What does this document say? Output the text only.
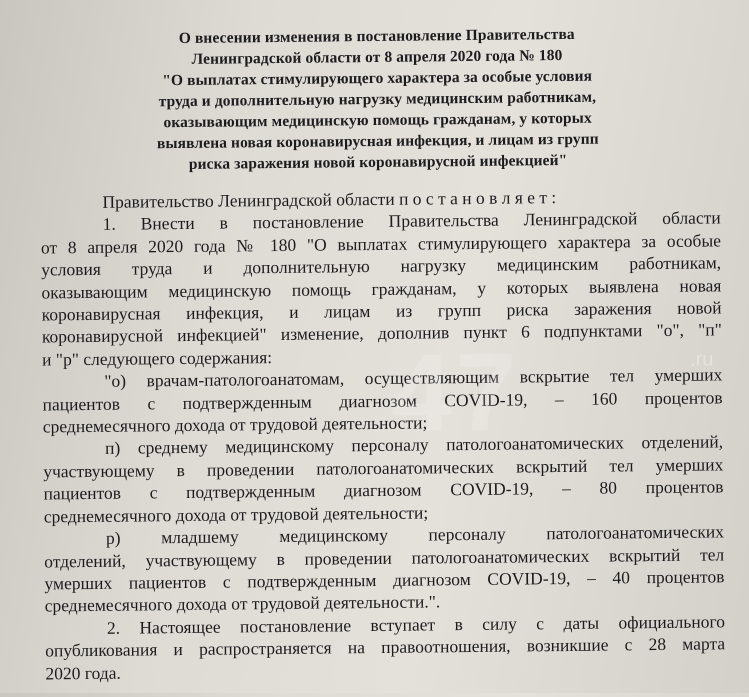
О внесении изменения в постановление Правительства
Ленинградской области от 8 апреля 2020 года № 180
"О выплатах стимулирующего характера за особые условия
труда и дополнительную нагрузку медицинским работникам,
оказывающим медицинскую помощь гражданам, у которых
выявлена новая коронавирусная инфекция, и лицам из групп
риска заражения новой коронавирусной инфекцией"
Правительство Ленинградской области п о с т а н о в л я е т :
1. Внести в постановление Правительства Ленинградской области
от 8 апреля 2020 года № 180 "О выплатах стимулирующего характера за особые
условия труда и дополнительную нагрузку медицинским работникам,
оказывающим медицинскую помощь гражданам, у которых выявлена новая
коронавирусная инфекция, и лицам из групп риска заражения новой
коронавирусной инфекцией" изменение, дополнив пункт 6 подпунктами "о", "п"
и "р" следующего содержания:
"о) врачам-патологоанатомам, осуществляющим вскрытие тел умерших
пациентов с подтвержденным диагнозом COVID-19, – 160 процентов
среднемесячного дохода от трудовой деятельности;
п) среднему медицинскому персоналу патологоанатомических отделений,
участвующему в проведении патологоанатомических вскрытий тел умерших
пациентов с подтвержденным диагнозом COVID-19, – 80 процентов
среднемесячного дохода от трудовой деятельности;
р) младшему медицинскому персоналу патологоанатомических
отделений, участвующему в проведении патологоанатомических вскрытий тел
умерших пациентов с подтвержденным диагнозом COVID-19, – 40 процентов
среднемесячного дохода от трудовой деятельности.".
2. Настоящее постановление вступает в силу с даты официального
опубликования и распространяется на правоотношения, возникшие с 28 марта
2020 года.
47	.ru
